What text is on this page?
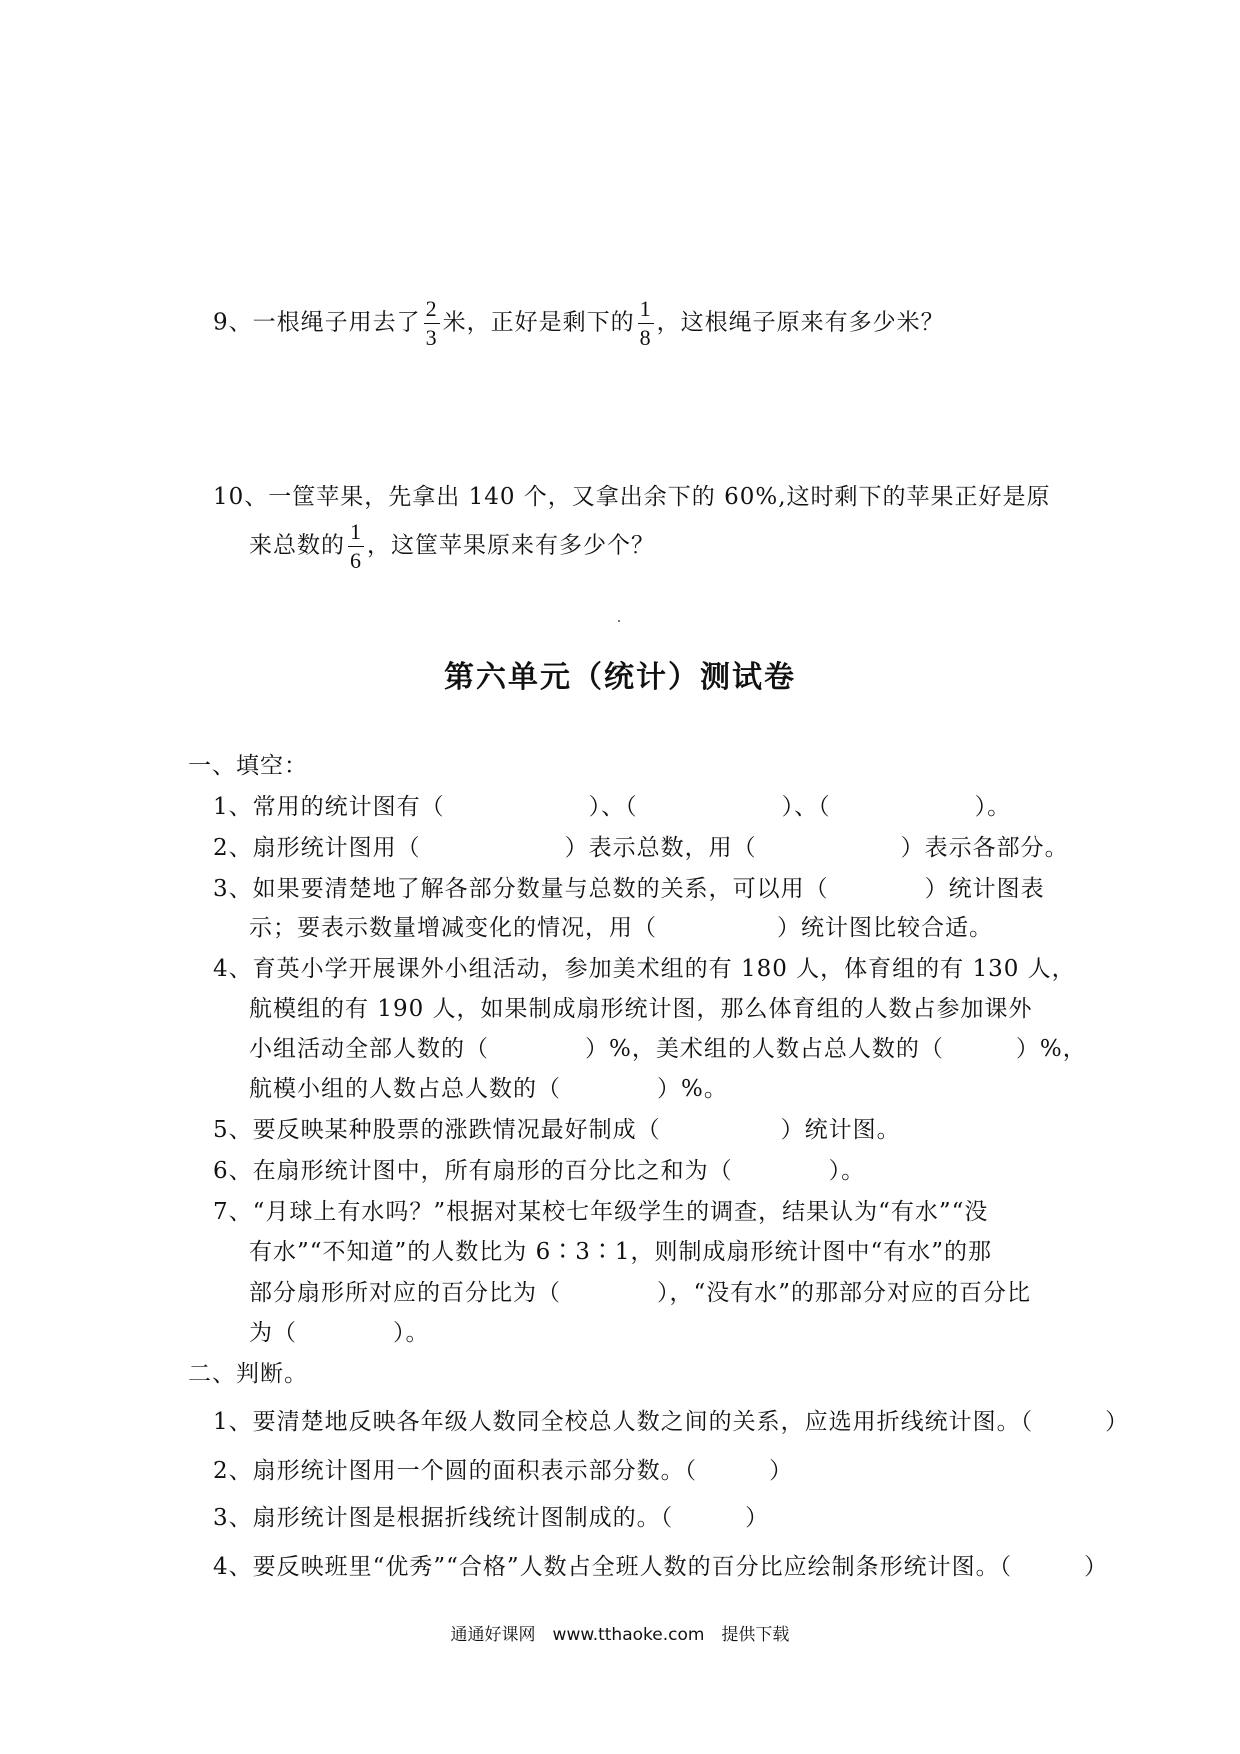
9、一根绳子用去了 $\frac{2}{3}$ 米，正好是剩下的 $\frac{1}{8}$ ，这根绳子原来有多少米？
10、一筐苹果，先拿出 140 个，又拿出余下的 60%,这时剩下的苹果正好是原
来总数的 $\frac{1}{6}$ ，这筐苹果原来有多少个？
第六单元（统计）测试卷
一、填空：
1、常用的统计图有（　　　　　　）、（　　　　　　）、（　　　　　　）。
2、扇形统计图用（　　　　　　）表示总数，用（　　　　　　）表示各部分。
3、如果要清楚地了解各部分数量与总数的关系，可以用（　　　　）统计图表
示；要表示数量增减变化的情况，用（　　　　　）统计图比较合适。
4、育英小学开展课外小组活动，参加美术组的有 180 人，体育组的有 130 人，
航模组的有 190 人，如果制成扇形统计图，那么体育组的人数占参加课外
小组活动全部人数的（　　　　）%，美术组的人数占总人数的（　　　）%，
航模小组的人数占总人数的（　　　　）%。
5、要反映某种股票的涨跌情况最好制成（　　　　　）统计图。
6、在扇形统计图中，所有扇形的百分比之和为（　　　　）。
7、“月球上有水吗？”根据对某校七年级学生的调查，结果认为“有水”“没
有水”“不知道”的人数比为 6∶3∶1，则制成扇形统计图中“有水”的那
部分扇形所对应的百分比为（　　　　），“没有水”的那部分对应的百分比
为（　　　　）。
二、判断。
1、要清楚地反映各年级人数同全校总人数之间的关系，应选用折线统计图。（　　　）
2、扇形统计图用一个圆的面积表示部分数。（　　　）
3、扇形统计图是根据折线统计图制成的。（　　　）
4、要反映班里“优秀”“合格”人数占全班人数的百分比应绘制条形统计图。（　　　）
通通好课网　www.tthaoke.com　提供下载
